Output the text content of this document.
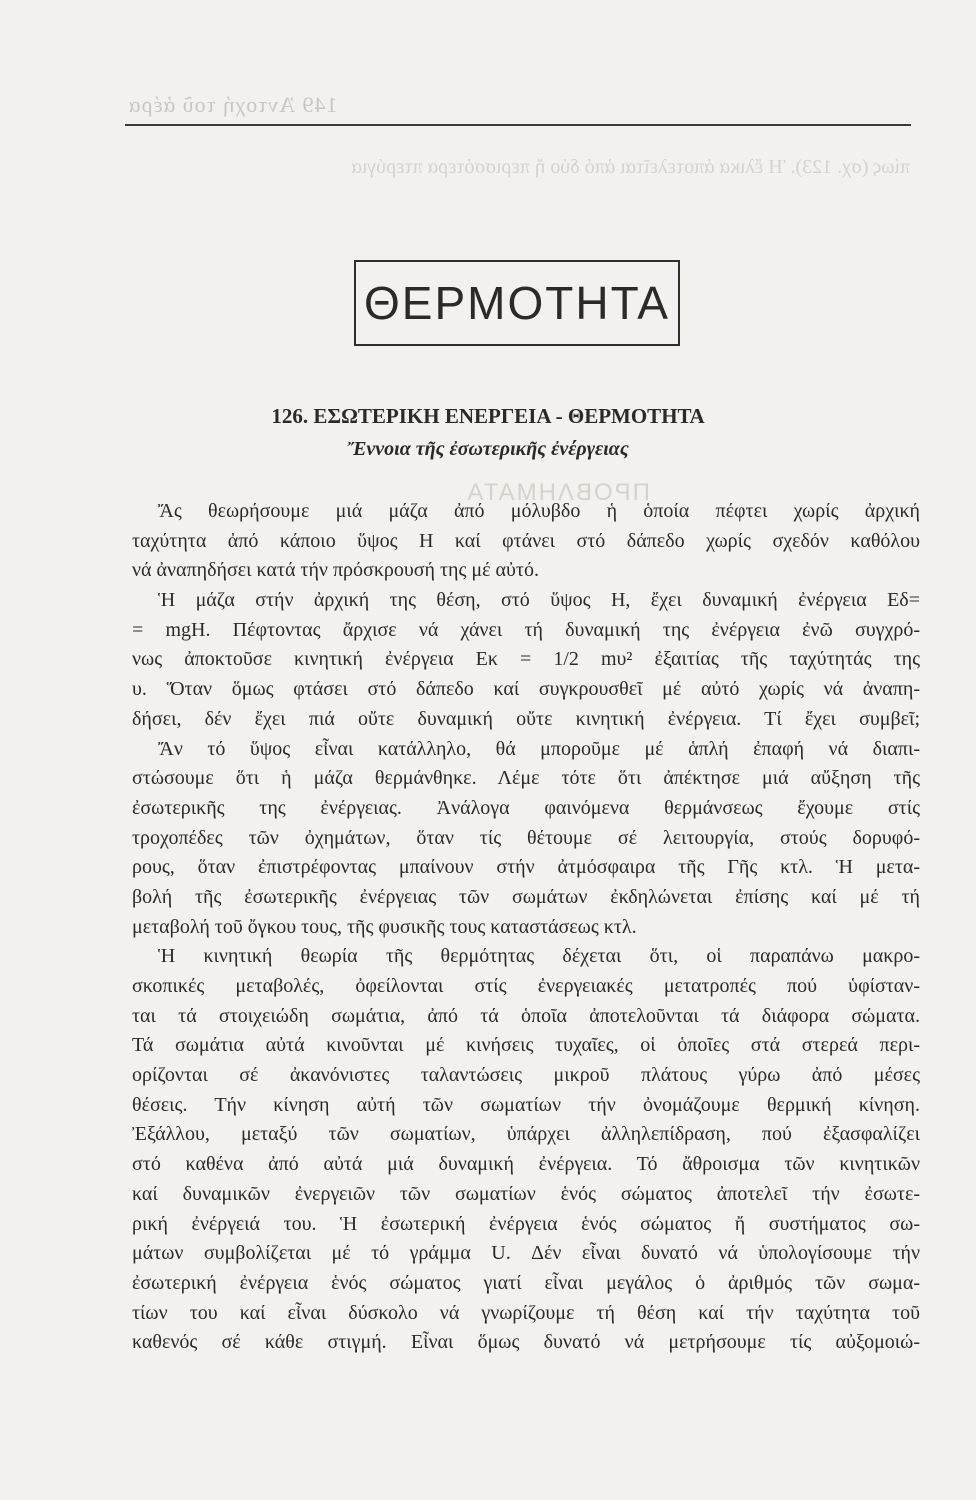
149 Ἀντοχή τοῦ ἀέρα
πίως (σχ. 123). Ἡ ἕλικα ἀποτελεῖται ἀπό δύο ἤ περισσότερα πτερύγια
ΘΕΡΜΟΤΗΤΑ
126. ΕΣΩΤΕΡΙΚΗ ΕΝΕΡΓΕΙΑ - ΘΕΡΜΟΤΗΤΑ
Ἔννοια τῆς ἐσωτερικῆς ἐνέργειας
ΠΡΟΒΛΗΜΑΤΑ
Ἄς θεωρήσουμε μιά μάζα ἀπό μόλυβδο ἡ ὁποία πέφτει χωρίς ἀρχική
ταχύτητα ἀπό κάποιο ὕψος Η καί φτάνει στό δάπεδο χωρίς σχεδόν καθόλου
νά ἀναπηδήσει κατά τήν πρόσκρουσή της μέ αὐτό.
Ἡ μάζα στήν ἀρχική της θέση, στό ὕψος Η, ἔχει δυναμική ἐνέργεια Εδ=
= mgH. Πέφτοντας ἄρχισε νά χάνει τή δυναμική της ἐνέργεια ἐνῶ συγχρό-
νως ἀποκτοῦσε κινητική ἐνέργεια Εκ = 1/2 mυ² ἐξαιτίας τῆς ταχύτητάς της
υ. Ὅταν ὅμως φτάσει στό δάπεδο καί συγκρουσθεῖ μέ αὐτό χωρίς νά ἀναπη-
δήσει, δέν ἔχει πιά οὔτε δυναμική οὔτε κινητική ἐνέργεια. Τί ἔχει συμβεῖ;
Ἄν τό ὕψος εἶναι κατάλληλο, θά μποροῦμε μέ ἁπλή ἐπαφή νά διαπι-
στώσουμε ὅτι ἡ μάζα θερμάνθηκε. Λέμε τότε ὅτι ἀπέκτησε μιά αὔξηση τῆς
ἐσωτερικῆς της ἐνέργειας. Ἀνάλογα φαινόμενα θερμάνσεως ἔχουμε στίς
τροχοπέδες τῶν ὀχημάτων, ὅταν τίς θέτουμε σέ λειτουργία, στούς δορυφό-
ρους, ὅταν ἐπιστρέφοντας μπαίνουν στήν ἀτμόσφαιρα τῆς Γῆς κτλ. Ἡ μετα-
βολή τῆς ἐσωτερικῆς ἐνέργειας τῶν σωμάτων ἐκδηλώνεται ἐπίσης καί μέ τή
μεταβολή τοῦ ὄγκου τους, τῆς φυσικῆς τους καταστάσεως κτλ.
Ἡ κινητική θεωρία τῆς θερμότητας δέχεται ὅτι, οἱ παραπάνω μακρο-
σκοπικές μεταβολές, ὀφείλονται στίς ἐνεργειακές μετατροπές πού ὑφίσταν-
ται τά στοιχειώδη σωμάτια, ἀπό τά ὁποῖα ἀποτελοῦνται τά διάφορα σώματα.
Τά σωμάτια αὐτά κινοῦνται μέ κινήσεις τυχαῖες, οἱ ὁποῖες στά στερεά περι-
ορίζονται σέ ἀκανόνιστες ταλαντώσεις μικροῦ πλάτους γύρω ἀπό μέσες
θέσεις. Τήν κίνηση αὐτή τῶν σωματίων τήν ὀνομάζουμε θερμική κίνηση.
Ἐξάλλου, μεταξύ τῶν σωματίων, ὑπάρχει ἀλληλεπίδραση, πού ἐξασφαλίζει
στό καθένα ἀπό αὐτά μιά δυναμική ἐνέργεια. Τό ἄθροισμα τῶν κινητικῶν
καί δυναμικῶν ἐνεργειῶν τῶν σωματίων ἑνός σώματος ἀποτελεῖ τήν ἐσωτε-
ρική ἐνέργειά του. Ἡ ἐσωτερική ἐνέργεια ἑνός σώματος ἤ συστήματος σω-
μάτων συμβολίζεται μέ τό γράμμα U. Δέν εἶναι δυνατό νά ὑπολογίσουμε τήν
ἐσωτερική ἐνέργεια ἑνός σώματος γιατί εἶναι μεγάλος ὁ ἀριθμός τῶν σωμα-
τίων του καί εἶναι δύσκολο νά γνωρίζουμε τή θέση καί τήν ταχύτητα τοῦ
καθενός σέ κάθε στιγμή. Εἶναι ὅμως δυνατό νά μετρήσουμε τίς αὐξομοιώ-
